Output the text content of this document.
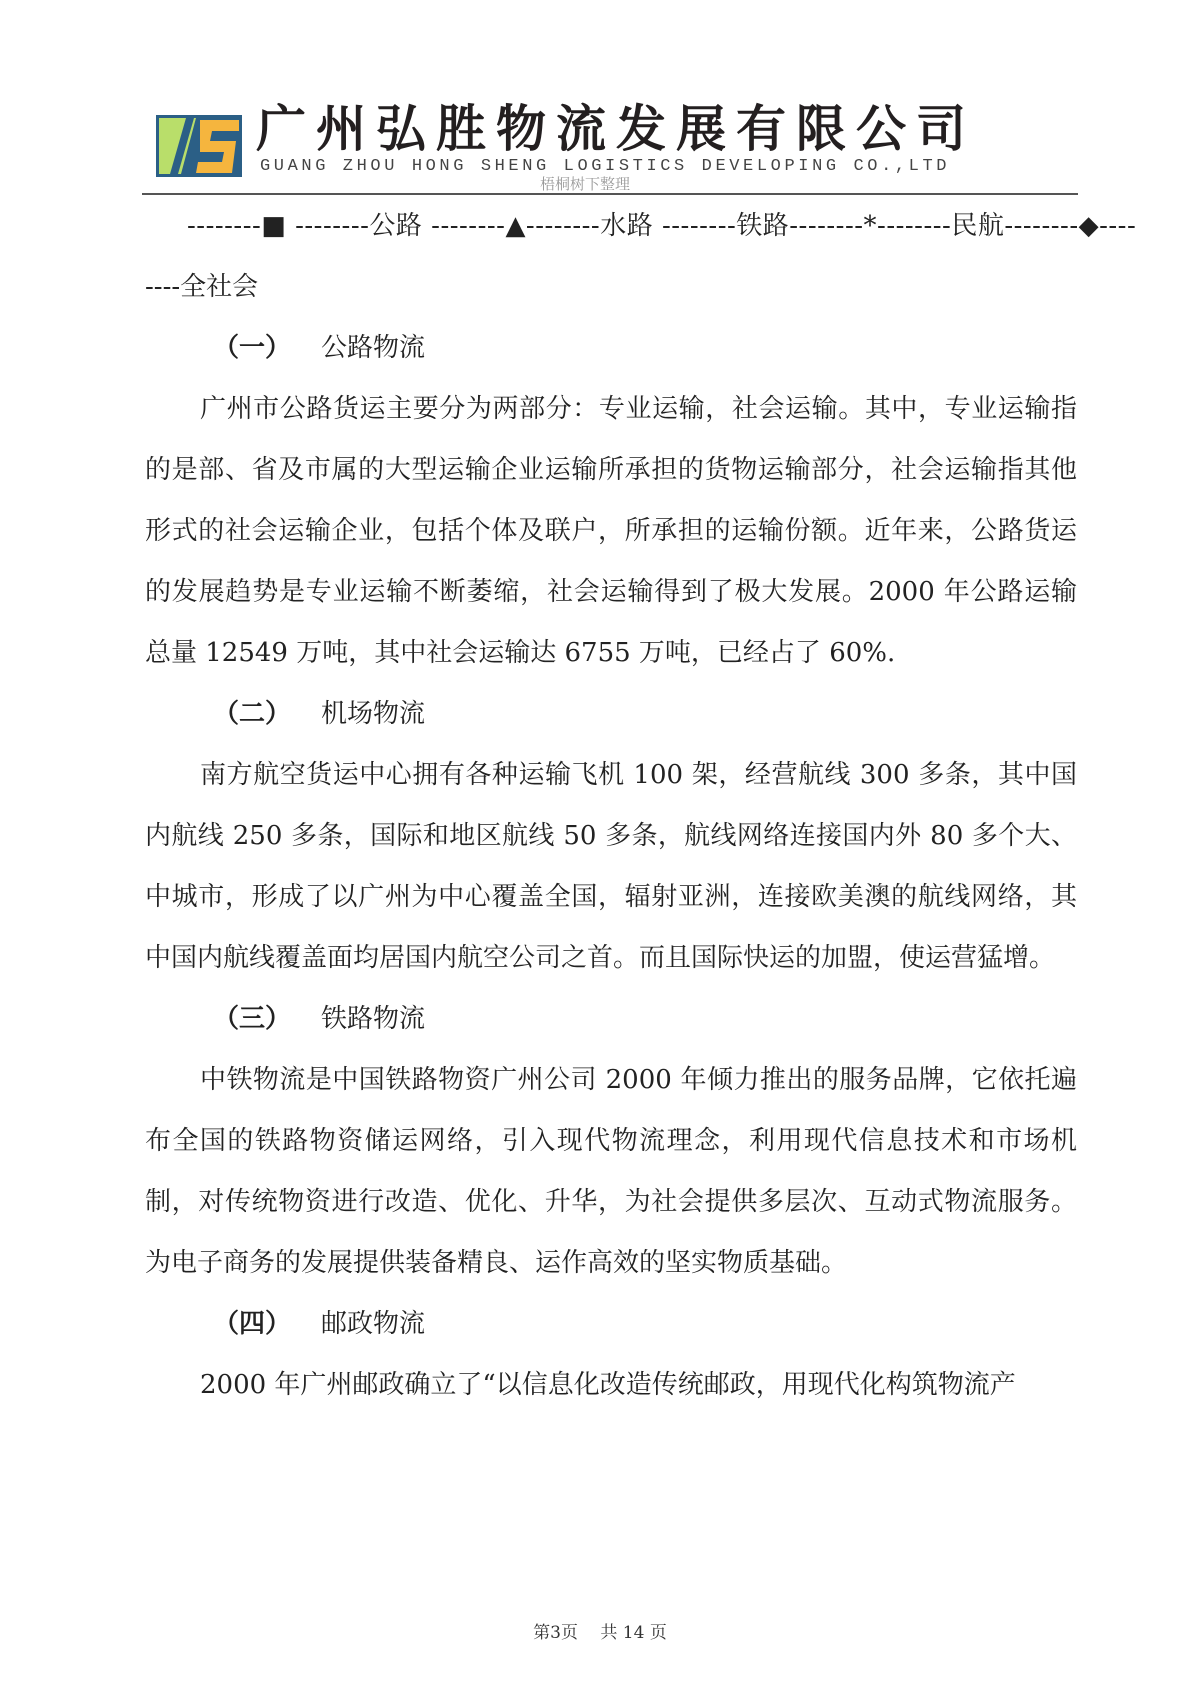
广州弘胜物流发展有限公司
GUANG ZHOU HONG SHENG LOGISTICS DEVELOPING CO.,LTD
梧桐树下整理
--------■ --------公路 --------▲--------水路 --------铁路--------*--------民航--------◆----
----全社会
（一） 公路物流
广州市公路货运主要分为两部分：专业运输，社会运输。其中，专业运输指的是部、省及市属的大型运输企业运输所承担的货物运输部分，社会运输指其他形式的社会运输企业，包括个体及联户，所承担的运输份额。近年来，公路货运的发展趋势是专业运输不断萎缩，社会运输得到了极大发展。2000 年公路运输总量 12549 万吨，其中社会运输达 6755 万吨，已经占了 60%.
（二） 机场物流
南方航空货运中心拥有各种运输飞机 100 架，经营航线 300 多条，其中国内航线 250 多条，国际和地区航线 50 多条，航线网络连接国内外 80 多个大、中城市，形成了以广州为中心覆盖全国，辐射亚洲，连接欧美澳的航线网络，其中国内航线覆盖面均居国内航空公司之首。而且国际快运的加盟，使运营猛增。
（三） 铁路物流
中铁物流是中国铁路物资广州公司 2000 年倾力推出的服务品牌，它依托遍布全国的铁路物资储运网络，引入现代物流理念，利用现代信息技术和市场机制，对传统物资进行改造、优化、升华，为社会提供多层次、互动式物流服务。为电子商务的发展提供装备精良、运作高效的坚实物质基础。
（四） 邮政物流
2000 年广州邮政确立了“以信息化改造传统邮政，用现代化构筑物流产
第3页　 共 14 页
